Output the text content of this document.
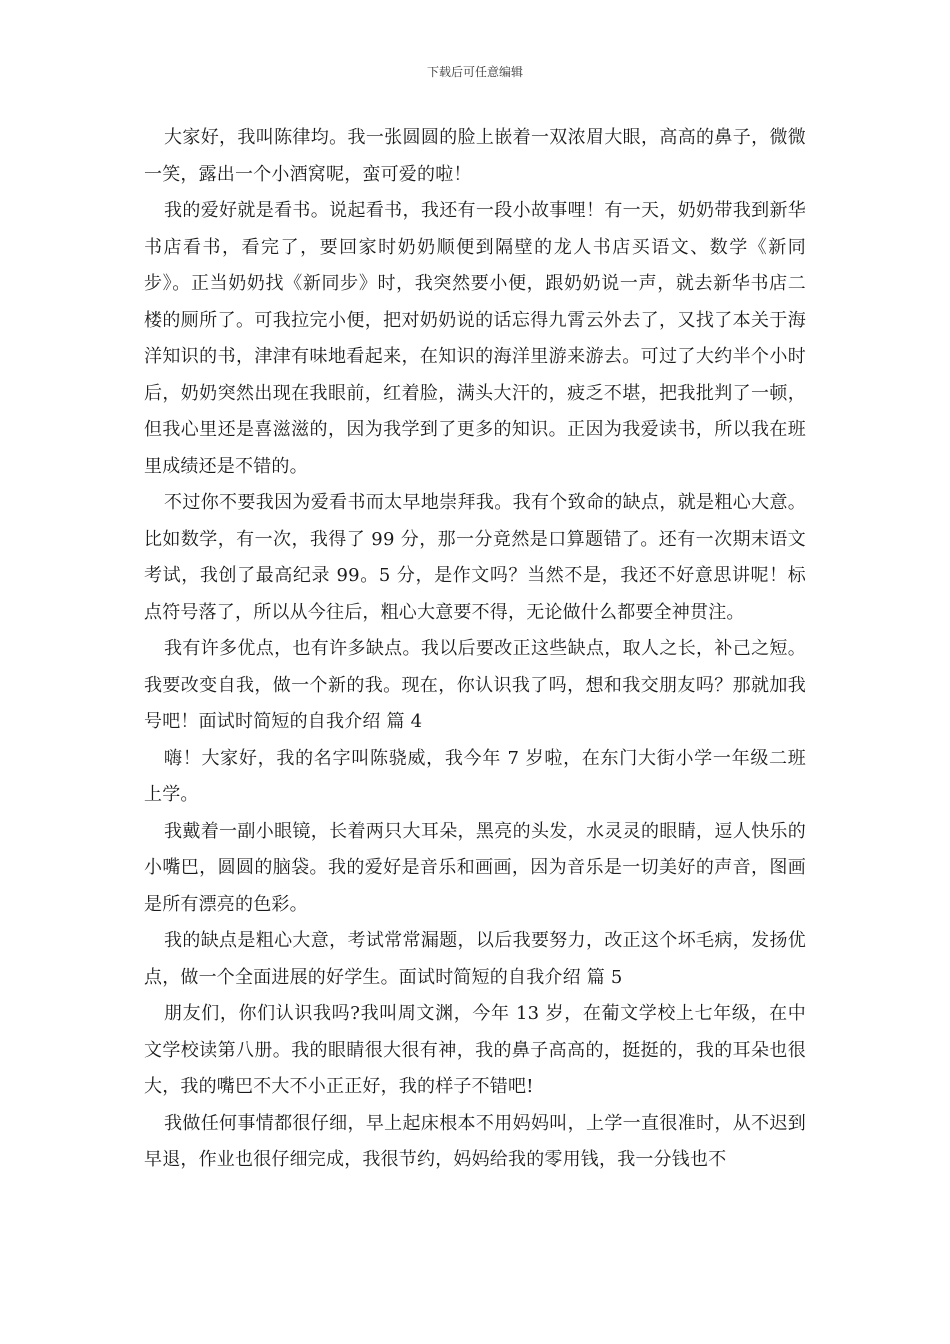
下载后可任意编辑

大家好，我叫陈律均。我一张圆圆的脸上嵌着一双浓眉大眼，高高的鼻子，微微一笑，露出一个小酒窝呢，蛮可爱的啦！

我的爱好就是看书。说起看书，我还有一段小故事哩！有一天，奶奶带我到新华书店看书，看完了，要回家时奶奶顺便到隔壁的龙人书店买语文、数学《新同步》。正当奶奶找《新同步》时，我突然要小便，跟奶奶说一声，就去新华书店二楼的厕所了。可我拉完小便，把对奶奶说的话忘得九霄云外去了，又找了本关于海洋知识的书，津津有味地看起来，在知识的海洋里游来游去。可过了大约半个小时后，奶奶突然出现在我眼前，红着脸，满头大汗的，疲乏不堪，把我批判了一顿，但我心里还是喜滋滋的，因为我学到了更多的知识。正因为我爱读书，所以我在班里成绩还是不错的。

不过你不要我因为爱看书而太早地崇拜我。我有个致命的缺点，就是粗心大意。比如数学，有一次，我得了 99 分，那一分竟然是口算题错了。还有一次期末语文考试，我创了最高纪录 99。5 分，是作文吗？当然不是，我还不好意思讲呢！标点符号落了，所以从今往后，粗心大意要不得，无论做什么都要全神贯注。

我有许多优点，也有许多缺点。我以后要改正这些缺点，取人之长，补己之短。我要改变自我，做一个新的我。现在，你认识我了吗，想和我交朋友吗？那就加我号吧！面试时简短的自我介绍 篇 4

嗨！大家好，我的名字叫陈骁威，我今年 7 岁啦，在东门大街小学一年级二班上学。

我戴着一副小眼镜，长着两只大耳朵，黑亮的头发，水灵灵的眼睛，逗人快乐的小嘴巴，圆圆的脑袋。我的爱好是音乐和画画，因为音乐是一切美好的声音，图画是所有漂亮的色彩。

我的缺点是粗心大意，考试常常漏题，以后我要努力，改正这个坏毛病，发扬优点，做一个全面进展的好学生。面试时简短的自我介绍 篇 5

朋友们，你们认识我吗?我叫周文渊，今年 13 岁，在葡文学校上七年级，在中文学校读第八册。我的眼睛很大很有神，我的鼻子高高的，挺挺的，我的耳朵也很大，我的嘴巴不大不小正正好，我的样子不错吧!

我做任何事情都很仔细，早上起床根本不用妈妈叫，上学一直很准时，从不迟到早退，作业也很仔细完成，我很节约，妈妈给我的零用钱，我一分钱也不
